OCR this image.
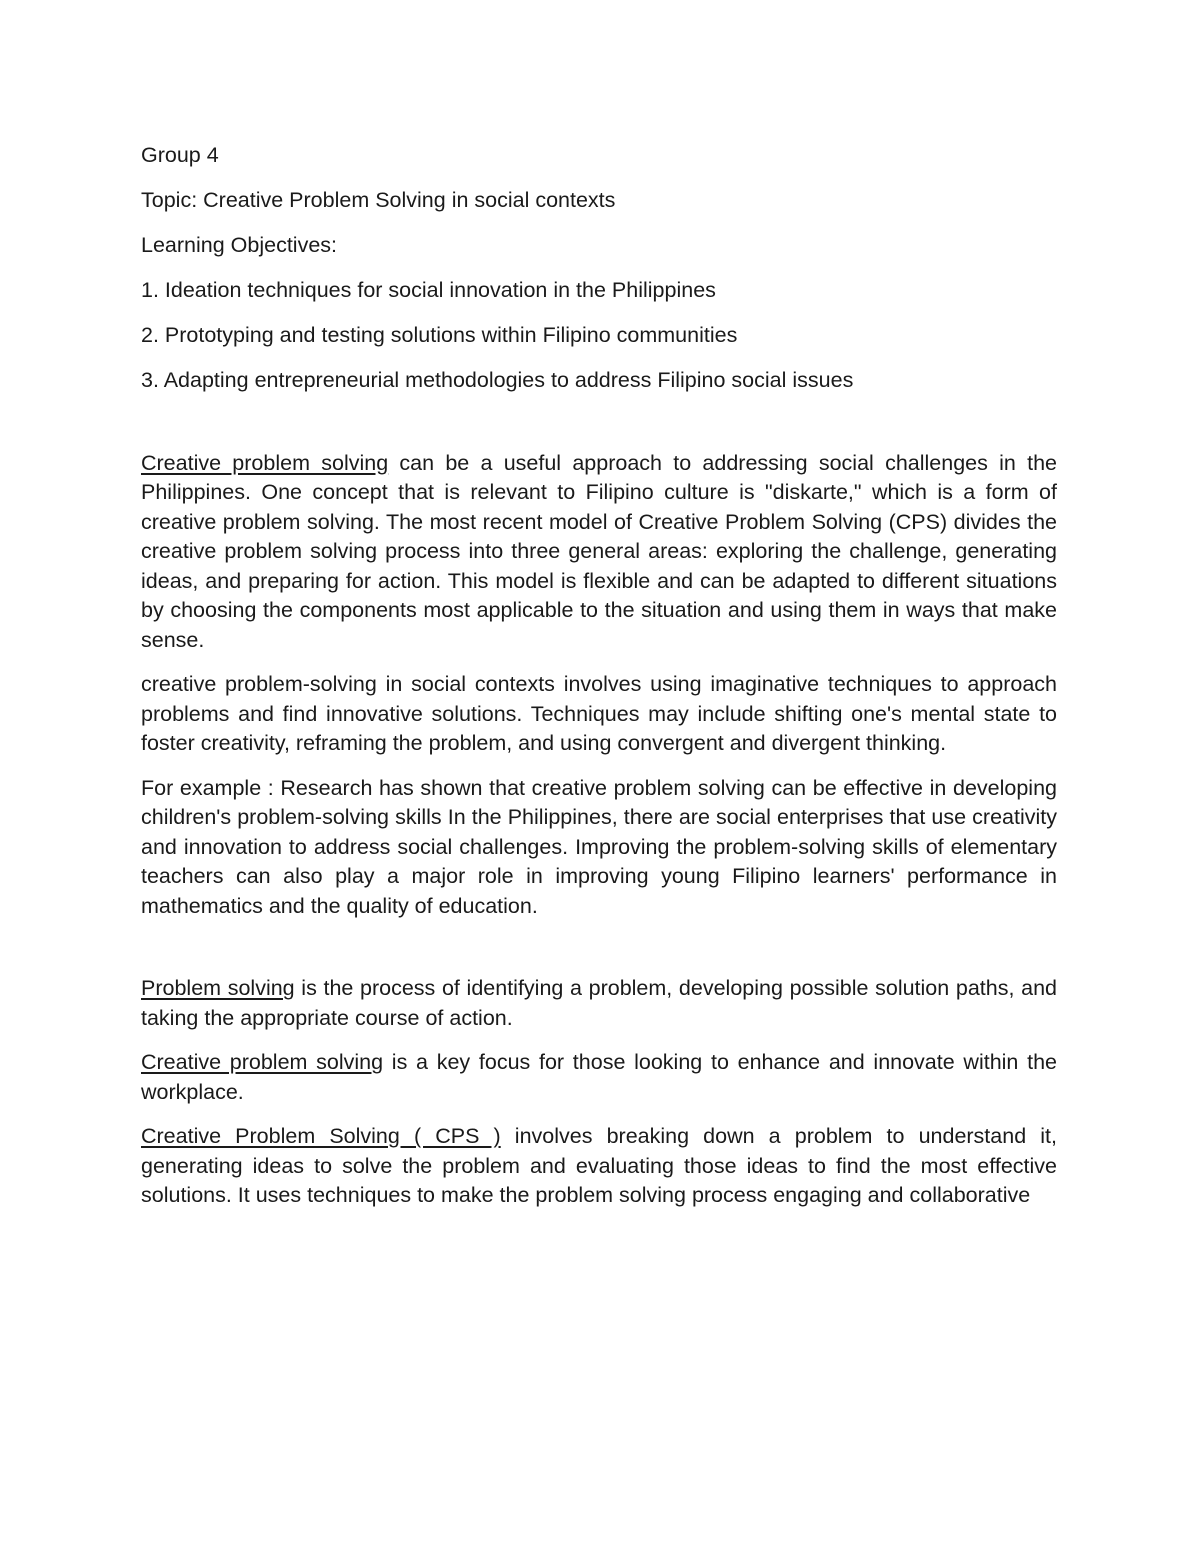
Group 4
Topic: Creative Problem Solving in social contexts
Learning Objectives:
1. Ideation techniques for social innovation in the Philippines
2. Prototyping and testing solutions within Filipino communities
3. Adapting entrepreneurial methodologies to address Filipino social issues

Creative problem solving can be a useful approach to addressing social challenges in the Philippines. One concept that is relevant to Filipino culture is "diskarte," which is a form of creative problem solving. The most recent model of Creative Problem Solving (CPS) divides the creative problem solving process into three general areas: exploring the challenge, generating ideas, and preparing for action. This model is flexible and can be adapted to different situations by choosing the components most applicable to the situation and using them in ways that make sense.

creative problem-solving in social contexts involves using imaginative techniques to approach problems and find innovative solutions. Techniques may include shifting one's mental state to foster creativity, reframing the problem, and using convergent and divergent thinking.

For example : Research has shown that creative problem solving can be effective in developing children's problem-solving skills In the Philippines, there are social enterprises that use creativity and innovation to address social challenges. Improving the problem-solving skills of elementary teachers can also play a major role in improving young Filipino learners' performance in mathematics and the quality of education.

Problem solving is the process of identifying a problem, developing possible solution paths, and taking the appropriate course of action.

Creative problem solving is a key focus for those looking to enhance and innovate within the workplace.

Creative Problem Solving ( CPS ) involves breaking down a problem to understand it, generating ideas to solve the problem and evaluating those ideas to find the most effective solutions. It uses techniques to make the problem solving process engaging and collaborative
